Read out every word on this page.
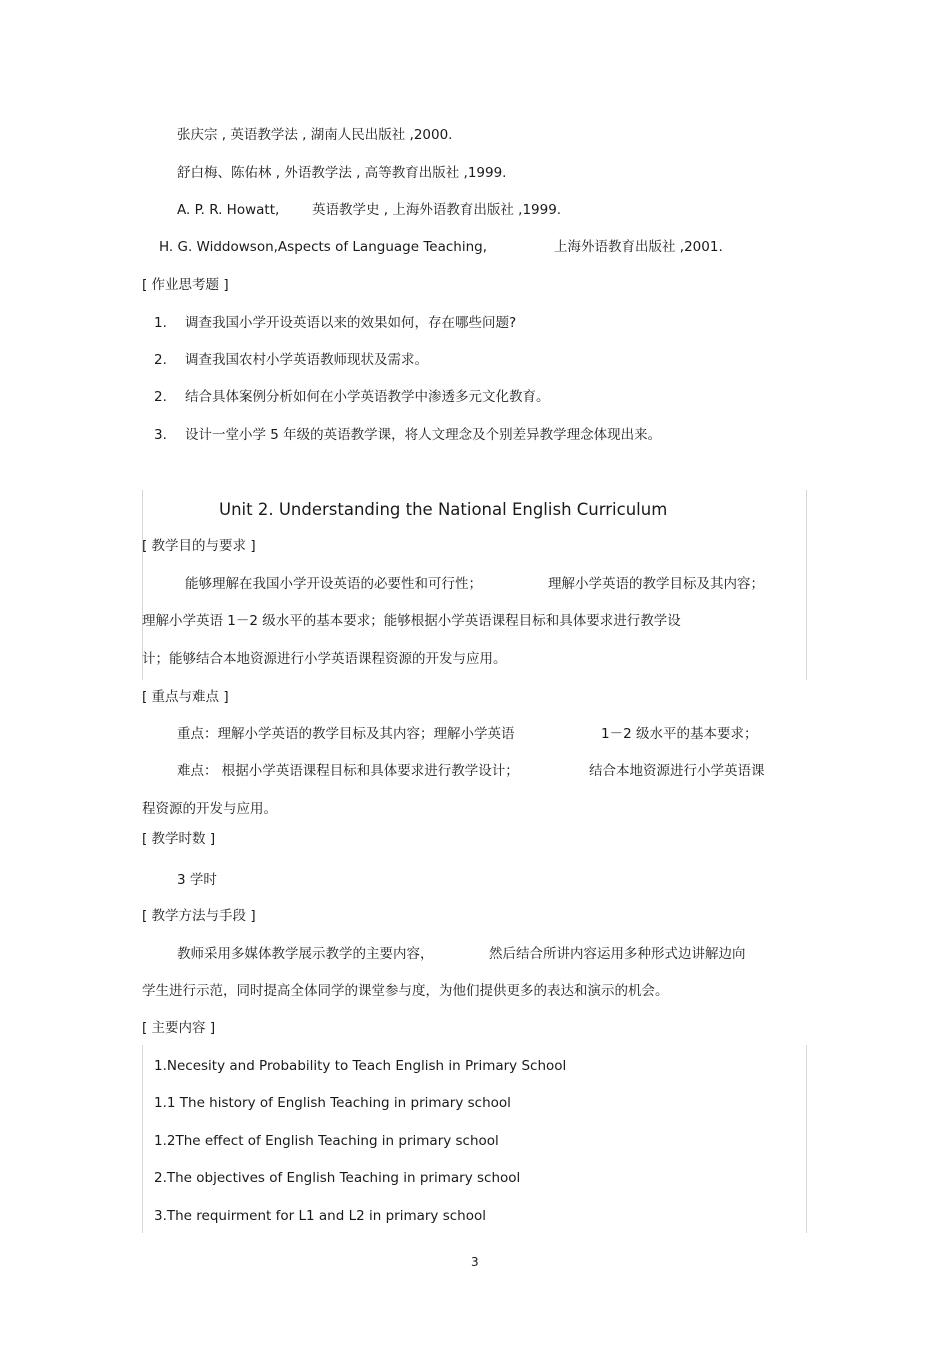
张庆宗 , 英语教学法 , 湖南人民出版社 ,2000.
舒白梅、陈佑林 , 外语教学法 , 高等教育出版社 ,1999.
A. P. R. Howatt, 英语教学史 , 上海外语教育出版社 ,1999.
H. G. Widdowson,Aspects of Language Teaching,	上海外语教育出版社 ,2001.
[ 作业思考题 ]
1. 调查我国小学开设英语以来的效果如何，存在哪些问题?
2. 调查我国农村小学英语教师现状及需求。
2. 结合具体案例分析如何在小学英语教学中渗透多元文化教育。
3. 设计一堂小学 5 年级的英语教学课，将人文理念及个别差异教学理念体现出来。
Unit 2. Understanding the National English Curriculum
[ 教学目的与要求 ]
能够理解在我国小学开设英语的必要性和可行性；	理解小学英语的教学目标及其内容；
理解小学英语 1－2 级水平的基本要求；能够根据小学英语课程目标和具体要求进行教学设
计；能够结合本地资源进行小学英语课程资源的开发与应用。
[ 重点与难点 ]
重点：理解小学英语的教学目标及其内容；理解小学英语	1－2 级水平的基本要求；
难点： 根据小学英语课程目标和具体要求进行教学设计；	结合本地资源进行小学英语课
程资源的开发与应用。
[ 教学时数 ]
3 学时
[ 教学方法与手段 ]
教师采用多媒体教学展示教学的主要内容，	然后结合所讲内容运用多种形式边讲解边向
学生进行示范，同时提高全体同学的课堂参与度，为他们提供更多的表达和演示的机会。
[ 主要内容 ]
1.Necesity and Probability to Teach English in Primary School
1.1 The history of English Teaching in primary school
1.2The effect of English Teaching in primary school
2.The objectives of English Teaching in primary school
3.The requirment for L1 and L2 in primary school
3
